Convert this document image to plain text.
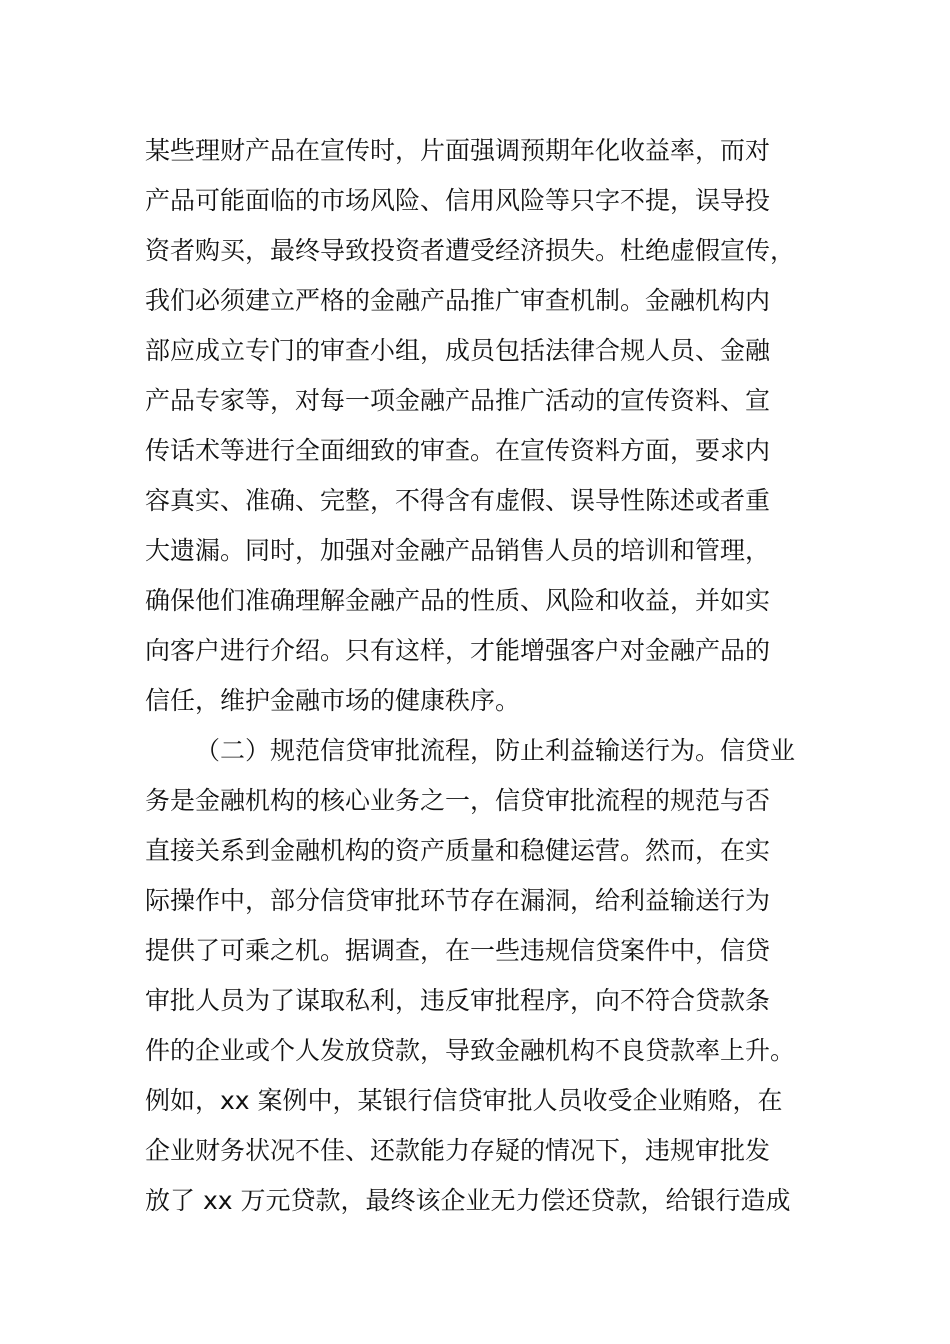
某些理财产品在宣传时，片面强调预期年化收益率，而对
产品可能面临的市场风险、信用风险等只字不提，误导投
资者购买，最终导致投资者遭受经济损失。杜绝虚假宣传，
我们必须建立严格的金融产品推广审查机制。金融机构内
部应成立专门的审查小组，成员包括法律合规人员、金融
产品专家等，对每一项金融产品推广活动的宣传资料、宣
传话术等进行全面细致的审查。在宣传资料方面，要求内
容真实、准确、完整，不得含有虚假、误导性陈述或者重
大遗漏。同时，加强对金融产品销售人员的培训和管理，
确保他们准确理解金融产品的性质、风险和收益，并如实
向客户进行介绍。只有这样，才能增强客户对金融产品的
信任，维护金融市场的健康秩序。
（二）规范信贷审批流程，防止利益输送行为。信贷业
务是金融机构的核心业务之一，信贷审批流程的规范与否
直接关系到金融机构的资产质量和稳健运营。然而，在实
际操作中，部分信贷审批环节存在漏洞，给利益输送行为
提供了可乘之机。据调查，在一些违规信贷案件中，信贷
审批人员为了谋取私利，违反审批程序，向不符合贷款条
件的企业或个人发放贷款，导致金融机构不良贷款率上升。
例如，xx 案例中，某银行信贷审批人员收受企业贿赂，在
企业财务状况不佳、还款能力存疑的情况下，违规审批发
放了 xx 万元贷款，最终该企业无力偿还贷款，给银行造成
